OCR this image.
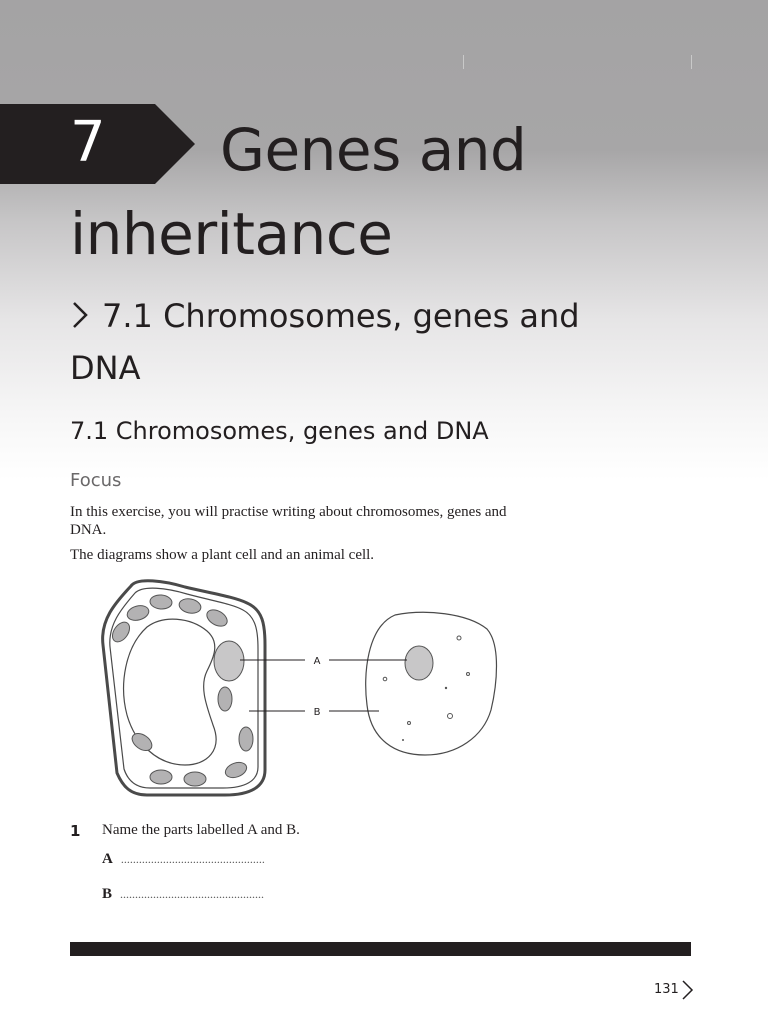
7	Genes and inheritance
7.1 Chromosomes, genes and DNA
7.1 Chromosomes, genes and DNA
Focus

In this exercise, you will practise writing about chromosomes, genes and DNA.

The diagrams show a plant cell and an animal cell.

A
B
1 Name the parts labelled A and B.
A ................................................
B ................................................
131
